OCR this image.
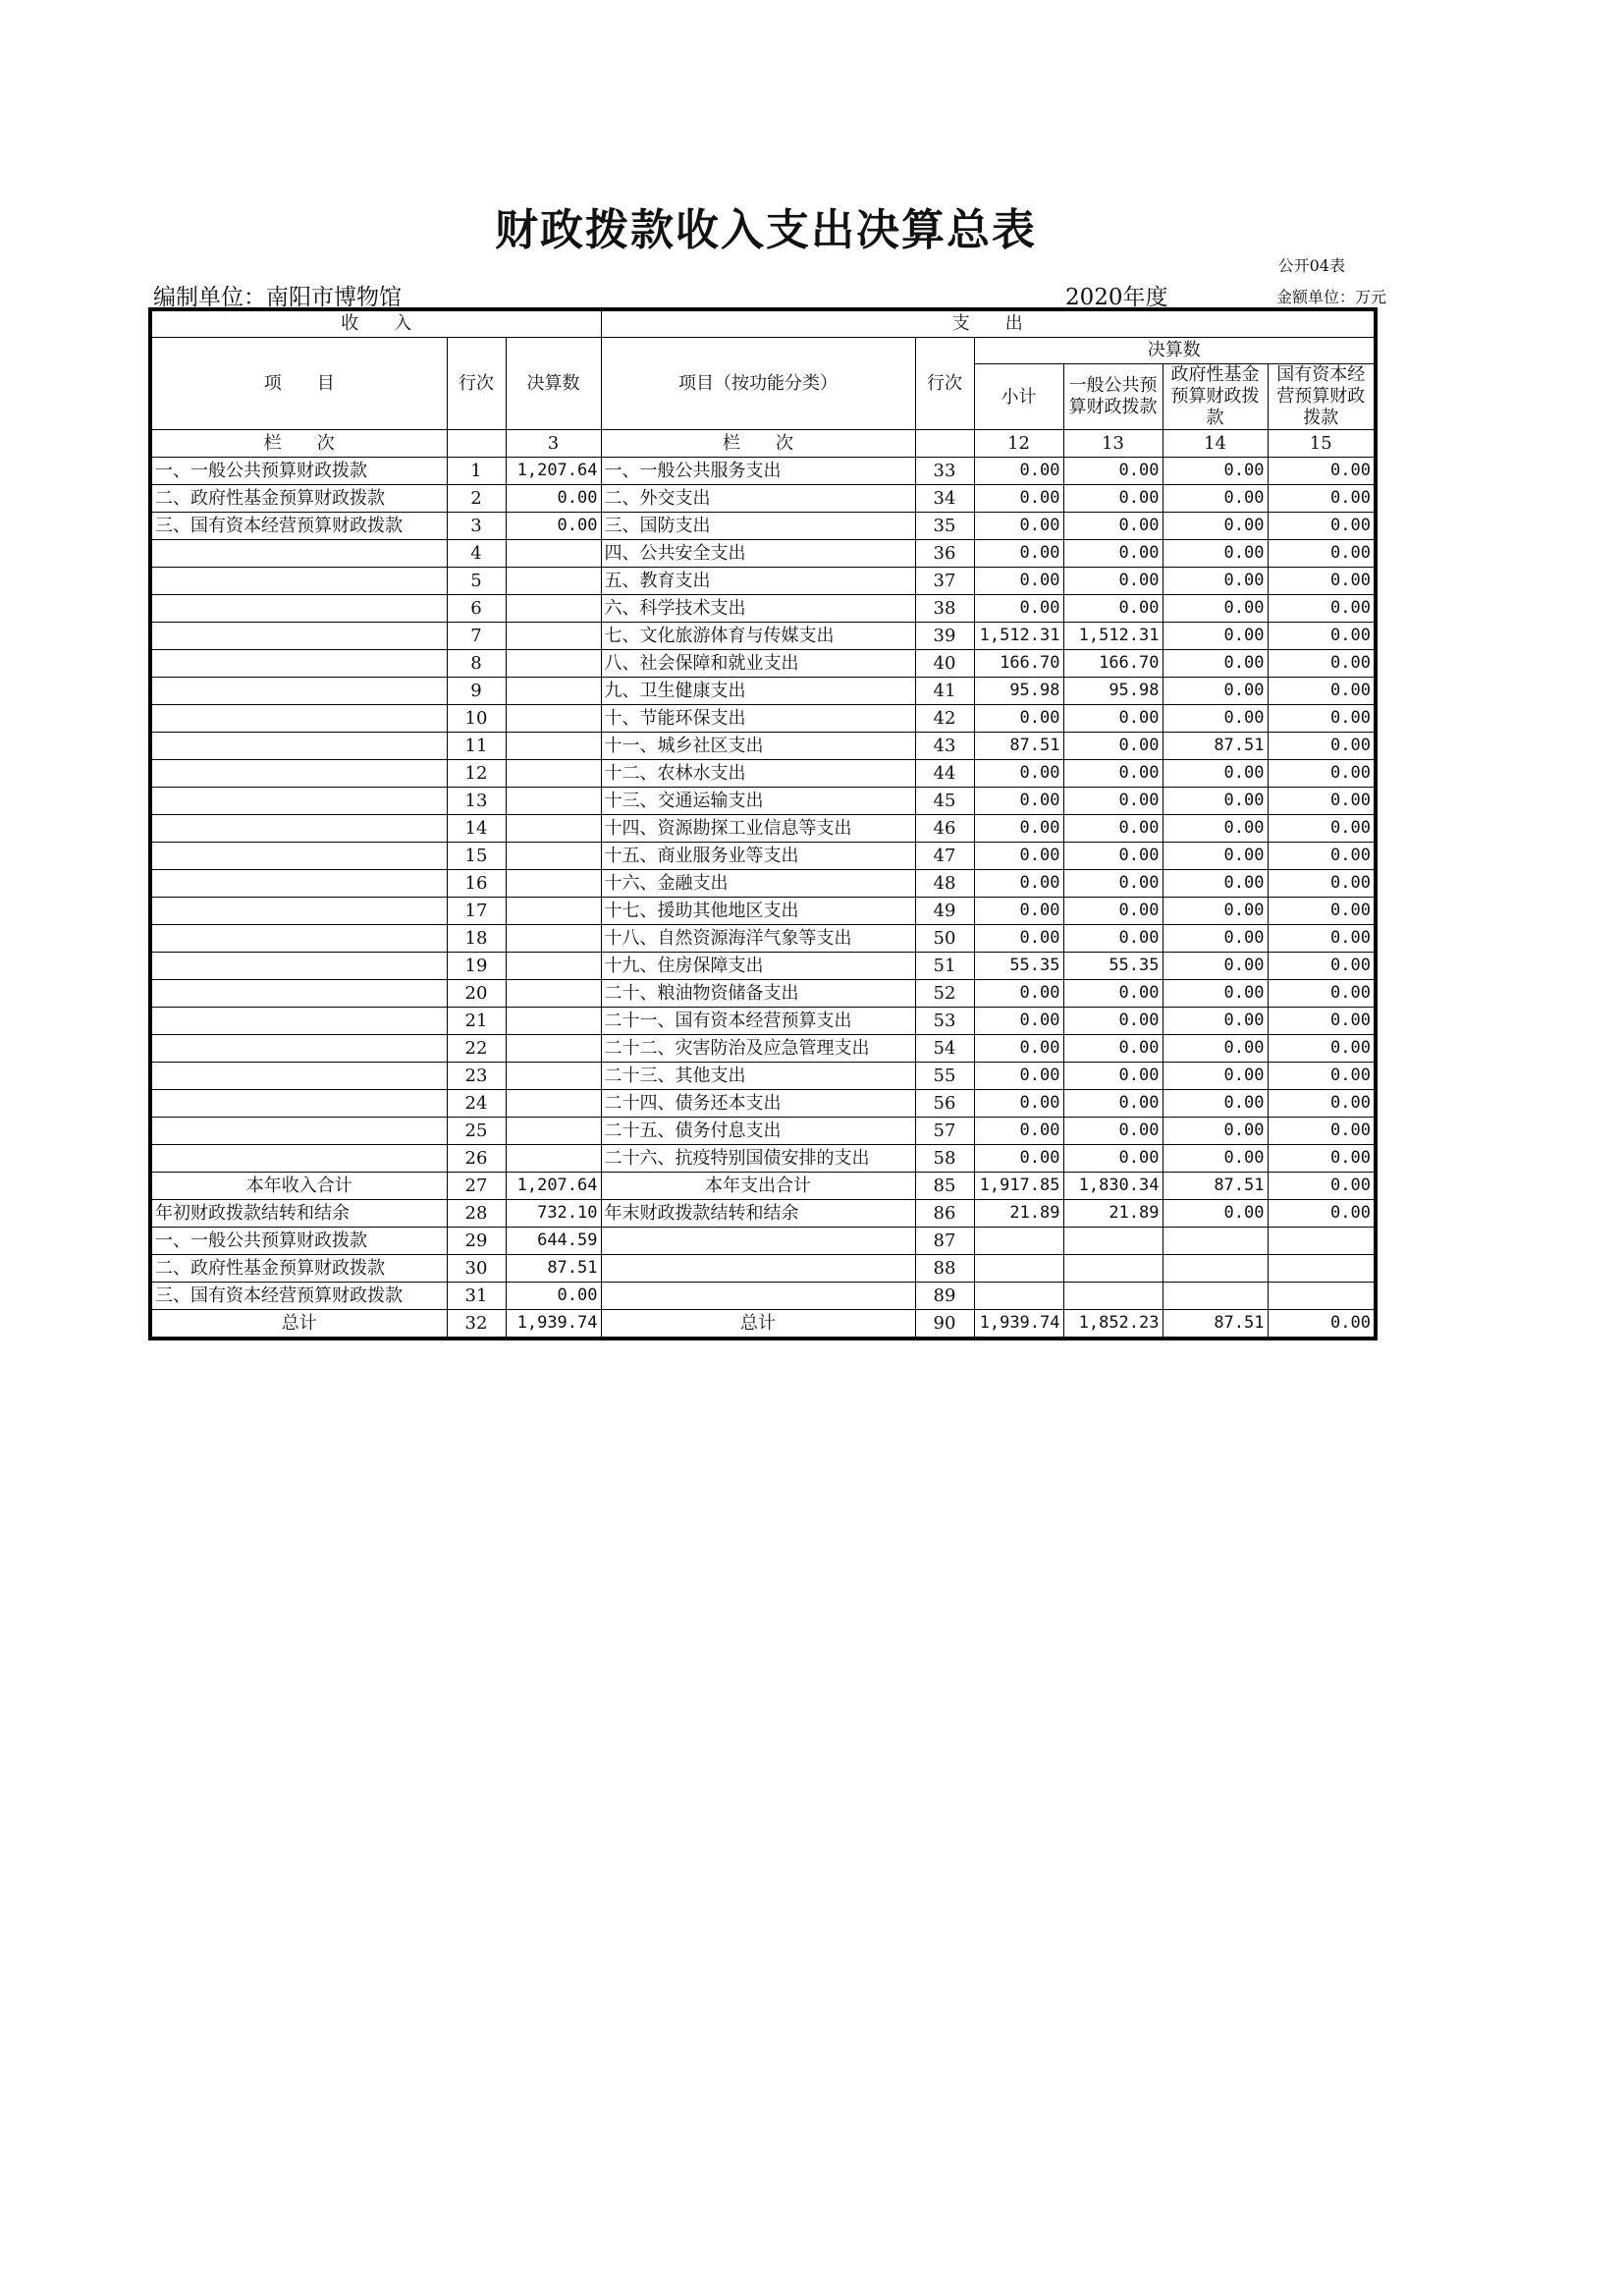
财政拨款收入支出决算总表
公开04表
编制单位：南阳市博物馆	2020年度	金额单位：万元
收　　入			支　　出					
项　　目	行次	决算数	项目（按功能分类）	行次	决算数			
					小计	一般公共预算财政拨款	政府性基金预算财政拨款	国有资本经营预算财政拨款
栏　　次		3	栏　　次		12	13	14	15
一、一般公共预算财政拨款	1	1,207.64	一、一般公共服务支出	33	0.00	0.00	0.00	0.00
二、政府性基金预算财政拨款	2	0.00	二、外交支出	34	0.00	0.00	0.00	0.00
三、国有资本经营预算财政拨款	3	0.00	三、国防支出	35	0.00	0.00	0.00	0.00
	4		四、公共安全支出	36	0.00	0.00	0.00	0.00
	5		五、教育支出	37	0.00	0.00	0.00	0.00
	6		六、科学技术支出	38	0.00	0.00	0.00	0.00
	7		七、文化旅游体育与传媒支出	39	1,512.31	1,512.31	0.00	0.00
	8		八、社会保障和就业支出	40	166.70	166.70	0.00	0.00
	9		九、卫生健康支出	41	95.98	95.98	0.00	0.00
	10		十、节能环保支出	42	0.00	0.00	0.00	0.00
	11		十一、城乡社区支出	43	87.51	0.00	87.51	0.00
	12		十二、农林水支出	44	0.00	0.00	0.00	0.00
	13		十三、交通运输支出	45	0.00	0.00	0.00	0.00
	14		十四、资源勘探工业信息等支出	46	0.00	0.00	0.00	0.00
	15		十五、商业服务业等支出	47	0.00	0.00	0.00	0.00
	16		十六、金融支出	48	0.00	0.00	0.00	0.00
	17		十七、援助其他地区支出	49	0.00	0.00	0.00	0.00
	18		十八、自然资源海洋气象等支出	50	0.00	0.00	0.00	0.00
	19		十九、住房保障支出	51	55.35	55.35	0.00	0.00
	20		二十、粮油物资储备支出	52	0.00	0.00	0.00	0.00
	21		二十一、国有资本经营预算支出	53	0.00	0.00	0.00	0.00
	22		二十二、灾害防治及应急管理支出	54	0.00	0.00	0.00	0.00
	23		二十三、其他支出	55	0.00	0.00	0.00	0.00
	24		二十四、债务还本支出	56	0.00	0.00	0.00	0.00
	25		二十五、债务付息支出	57	0.00	0.00	0.00	0.00
	26		二十六、抗疫特别国债安排的支出	58	0.00	0.00	0.00	0.00
本年收入合计	27	1,207.64	本年支出合计	85	1,917.85	1,830.34	87.51	0.00
年初财政拨款结转和结余	28	732.10	年末财政拨款结转和结余	86	21.89	21.89	0.00	0.00
一、一般公共预算财政拨款	29	644.59		87				
二、政府性基金预算财政拨款	30	87.51		88				
三、国有资本经营预算财政拨款	31	0.00		89				
总计	32	1,939.74	总计	90	1,939.74	1,852.23	87.51	0.00
